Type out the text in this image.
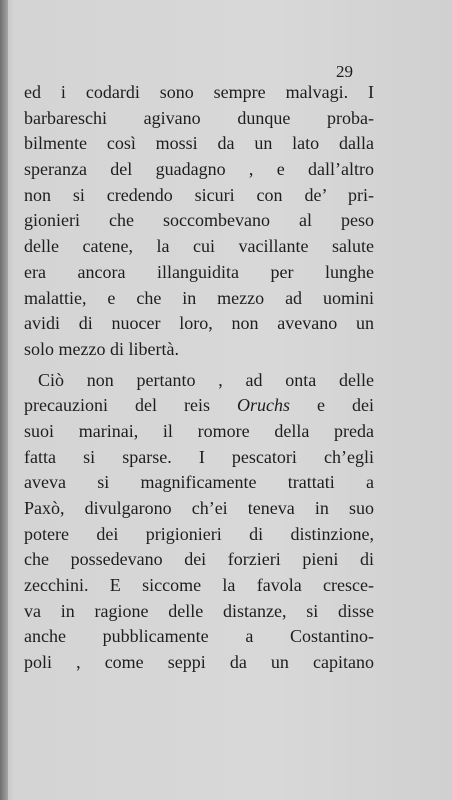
29
ed i codardi sono sempre malvagi. I
barbareschi agivano dunque proba-
bilmente così mossi da un lato dalla
speranza del guadagno , e dall’altro
non si credendo sicuri con de’ pri-
gionieri che soccombevano al peso
delle catene, la cui vacillante salute
era ancora illanguidita per lunghe
malattie, e che in mezzo ad uomini
avidi di nuocer loro, non avevano un
solo mezzo di libertà.
Ciò non pertanto , ad onta delle
precauzioni del reis Oruchs e dei
suoi marinai, il romore della preda
fatta si sparse. I pescatori ch’egli
aveva si magnificamente trattati a
Paxò, divulgarono ch’ei teneva in suo
potere dei prigionieri di distinzione,
che possedevano dei forzieri pieni di
zecchini. E siccome la favola cresce-
va in ragione delle distanze, si disse
anche pubblicamente a Costantino-
poli , come seppi da un capitano
